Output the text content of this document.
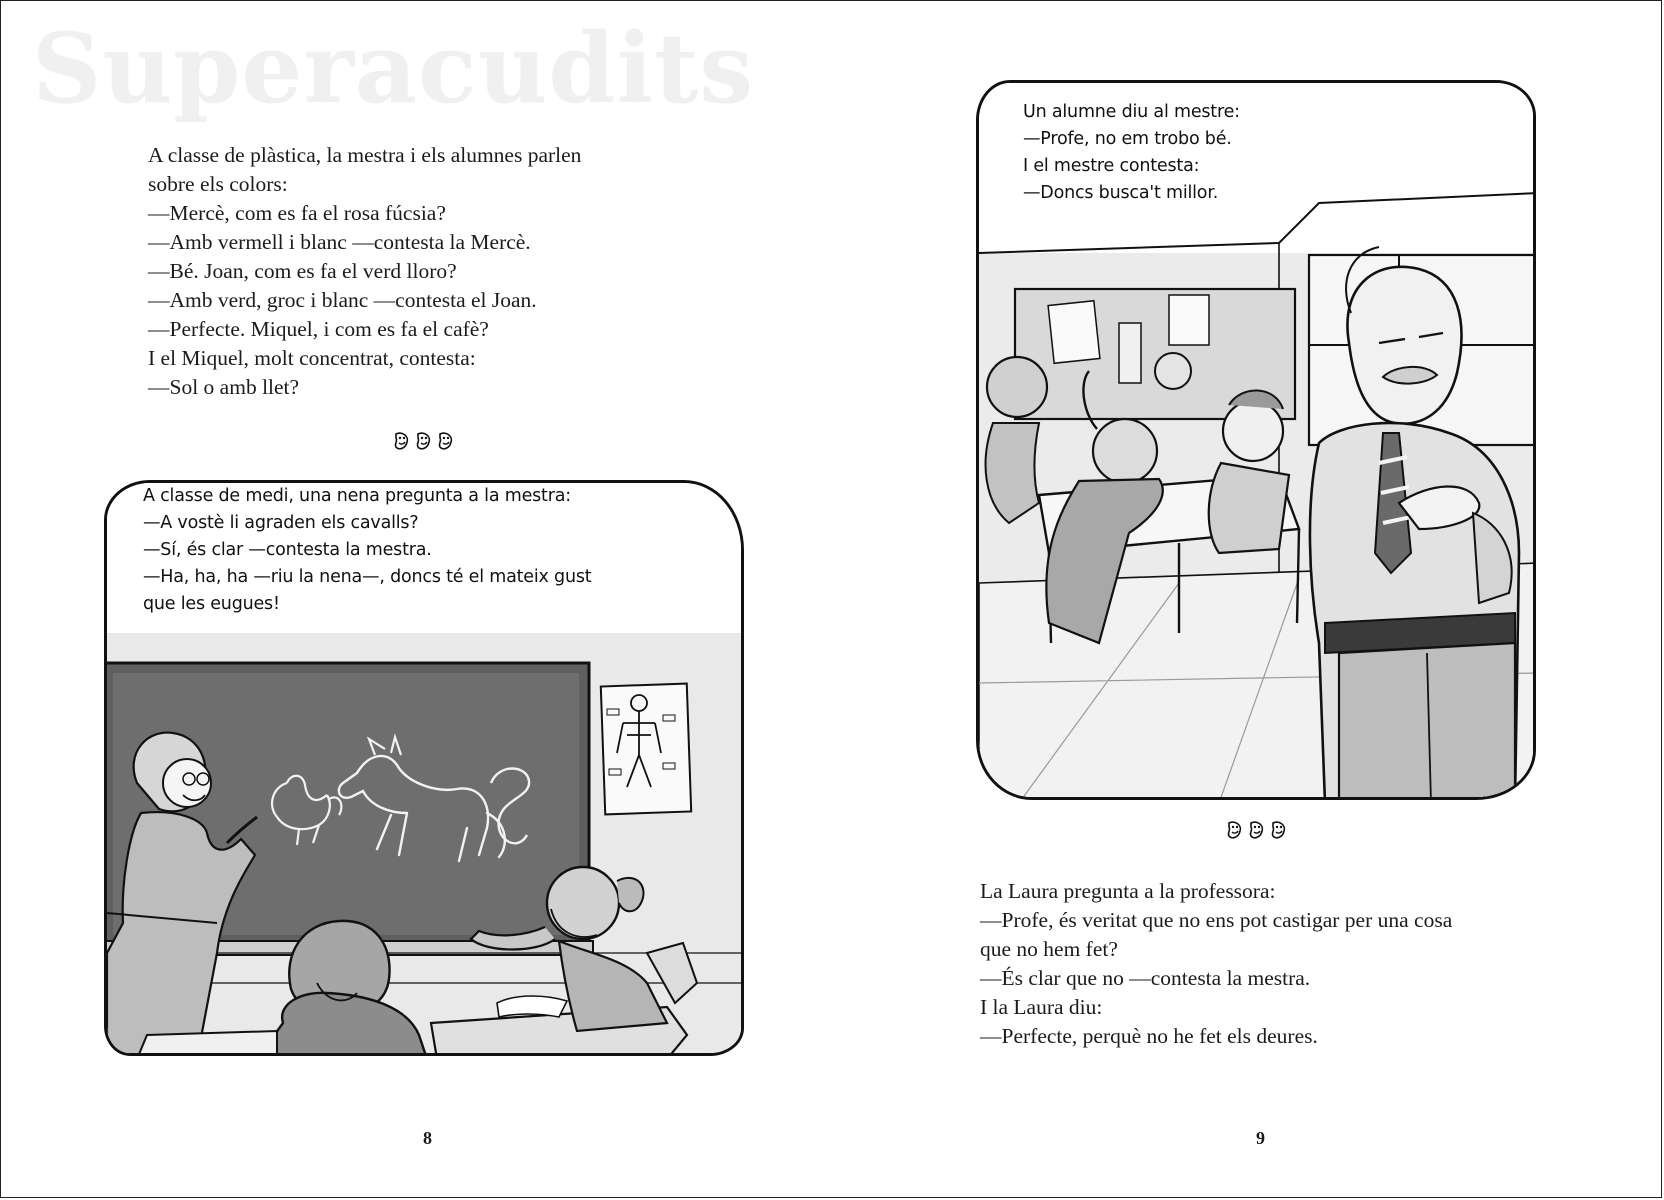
Superacudits

A classe de plàstica, la mestra i els alumnes parlen

sobre els colors:

—Mercè, com es fa el rosa fúcsia?

—Amb vermell i blanc —contesta la Mercè.

—Bé. Joan, com es fa el verd lloro?

—Amb verd, groc i blanc —contesta el Joan.

—Perfecte. Miquel, i com es fa el cafè?

I el Miquel, molt concentrat, contesta:

—Sol o amb llet?

A classe de medi, una nena pregunta a la mestra:

—A vostè li agraden els cavalls?

—Sí, és clar —contesta la mestra.

—Ha, ha, ha —riu la nena—, doncs té el mateix gust

que les eugues!

8

Un alumne diu al mestre:

—Profe, no em trobo bé.

I el mestre contesta:

—Doncs busca't millor.

La Laura pregunta a la professora:

—Profe, és veritat que no ens pot castigar per una cosa

que no hem fet?

—És clar que no —contesta la mestra.

I la Laura diu:

—Perfecte, perquè no he fet els deures.

9
